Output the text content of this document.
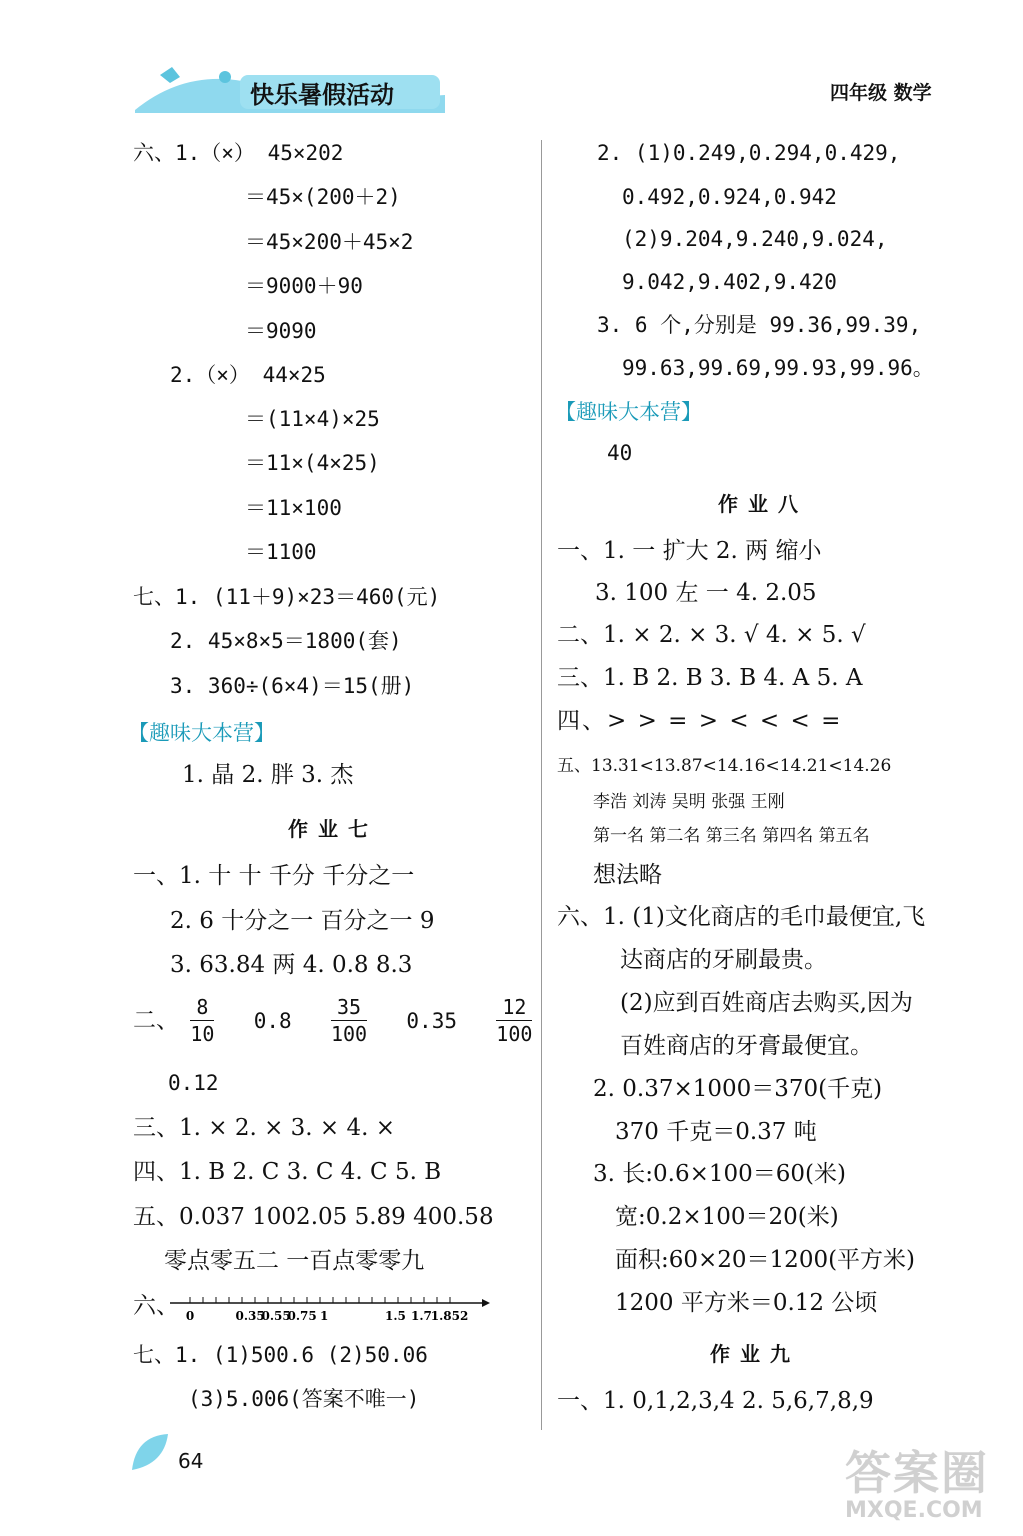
快乐暑假活动	四年级 数学
六、1.（×） 45×202
＝45×(200＋2)
＝45×200＋45×2
＝9000＋90
＝9090
2.（×） 44×25
＝(11×4)×25
＝11×(4×25)
＝11×100
＝1100
七、1. (11＋9)×23＝460(元)
2. 45×8×5＝1800(套)
3. 360÷(6×4)＝15(册)
【趣味大本营】
1. 晶 2. 胖 3. 杰
作业七
一、1. 十 十 千分 千分之一
2. 6 十分之一 百分之一 9
3. 63.84 两 4. 0.8 8.3
二、 $\frac{8}{10} 0.8 \frac{35}{100} 0.35 \frac{12}{100}$
0.12
三、1. × 2. × 3. × 4. ×
四、1. B 2. C 3. C 4. C 5. B
五、0.037 1002.05 5.89 400.58
零点零五二 一百点零零九
六、 0	0.35
0.55
0.75 1	1.5 1.7
1.852
七、1. (1)500.6 (2)50.06
(3)5.006(答案不唯一)
64
2. (1)0.249,0.294,0.429,
0.492,0.924,0.942
(2)9.204,9.240,9.024,
9.042,9.402,9.420
3. 6 个,分别是 99.36,99.39,
99.63,99.69,99.93,99.96。
【趣味大本营】
40
作业八
一、1. 一 扩大 2. 两 缩小
3. 100 左 一 4. 2.05
二、1. × 2. × 3. √ 4. × 5. √
三、1. B 2. B 3. B 4. A 5. A
四、> > = > < < < =
五、13.31<13.87<14.16<14.21<14.26
李浩 刘涛 吴明 张强 王刚
第一名 第二名 第三名 第四名 第五名
想法略
六、1. (1)文化商店的毛巾最便宜,飞
达商店的牙刷最贵。
(2)应到百姓商店去购买,因为
百姓商店的牙膏最便宜。
2. 0.37×1000＝370(千克)
370 千克＝0.37 吨
3. 长:0.6×100＝60(米)
宽:0.2×100＝20(米)
面积:60×20＝1200(平方米)
1200 平方米＝0.12 公顷
作业九
一、1. 0,1,2,3,4 2. 5,6,7,8,9
答案圈
MXQE.COM
